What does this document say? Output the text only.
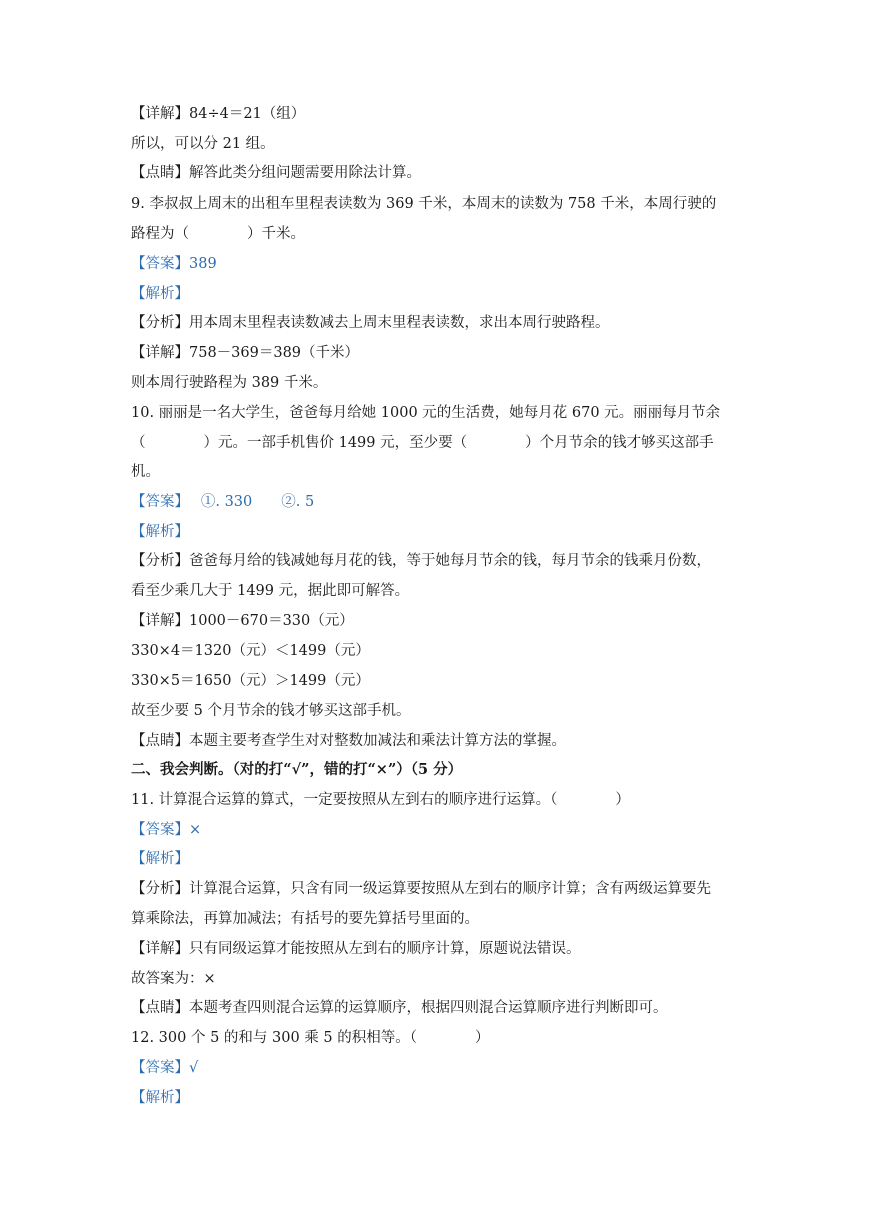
【详解】84÷4＝21（组）
所以，可以分 21 组。
【点睛】解答此类分组问题需要用除法计算。
9. 李叔叔上周末的出租车里程表读数为 369 千米，本周末的读数为 758 千米，本周行驶的
路程为（　　　　）千米。
【答案】389
【解析】
【分析】用本周末里程表读数减去上周末里程表读数，求出本周行驶路程。
【详解】758－369＝389（千米）
则本周行驶路程为 389 千米。
10. 丽丽是一名大学生，爸爸每月给她 1000 元的生活费，她每月花 670 元。丽丽每月节余
（　　　　）元。一部手机售价 1499 元，至少要（　　　　）个月节余的钱才够买这部手
机。
【答案】　 ①. 330　　②. 5
【解析】
【分析】爸爸每月给的钱减她每月花的钱，等于她每月节余的钱，每月节余的钱乘月份数，
看至少乘几大于 1499 元，据此即可解答。
【详解】1000－670＝330（元）
330×4＝1320（元）＜1499（元）
330×5＝1650（元）＞1499（元）
故至少要 5 个月节余的钱才够买这部手机。
【点睛】本题主要考查学生对对整数加减法和乘法计算方法的掌握。
二、我会判断。（对的打“√”，错的打“×”）（5 分）
11. 计算混合运算的算式，一定要按照从左到右的顺序进行运算。（　　　　）
【答案】×
【解析】
【分析】计算混合运算，只含有同一级运算要按照从左到右的顺序计算；含有两级运算要先
算乘除法，再算加减法；有括号的要先算括号里面的。
【详解】只有同级运算才能按照从左到右的顺序计算，原题说法错误。
故答案为：×
【点睛】本题考查四则混合运算的运算顺序，根据四则混合运算顺序进行判断即可。
12. 300 个 5 的和与 300 乘 5 的积相等。（　　　　）
【答案】√
【解析】
